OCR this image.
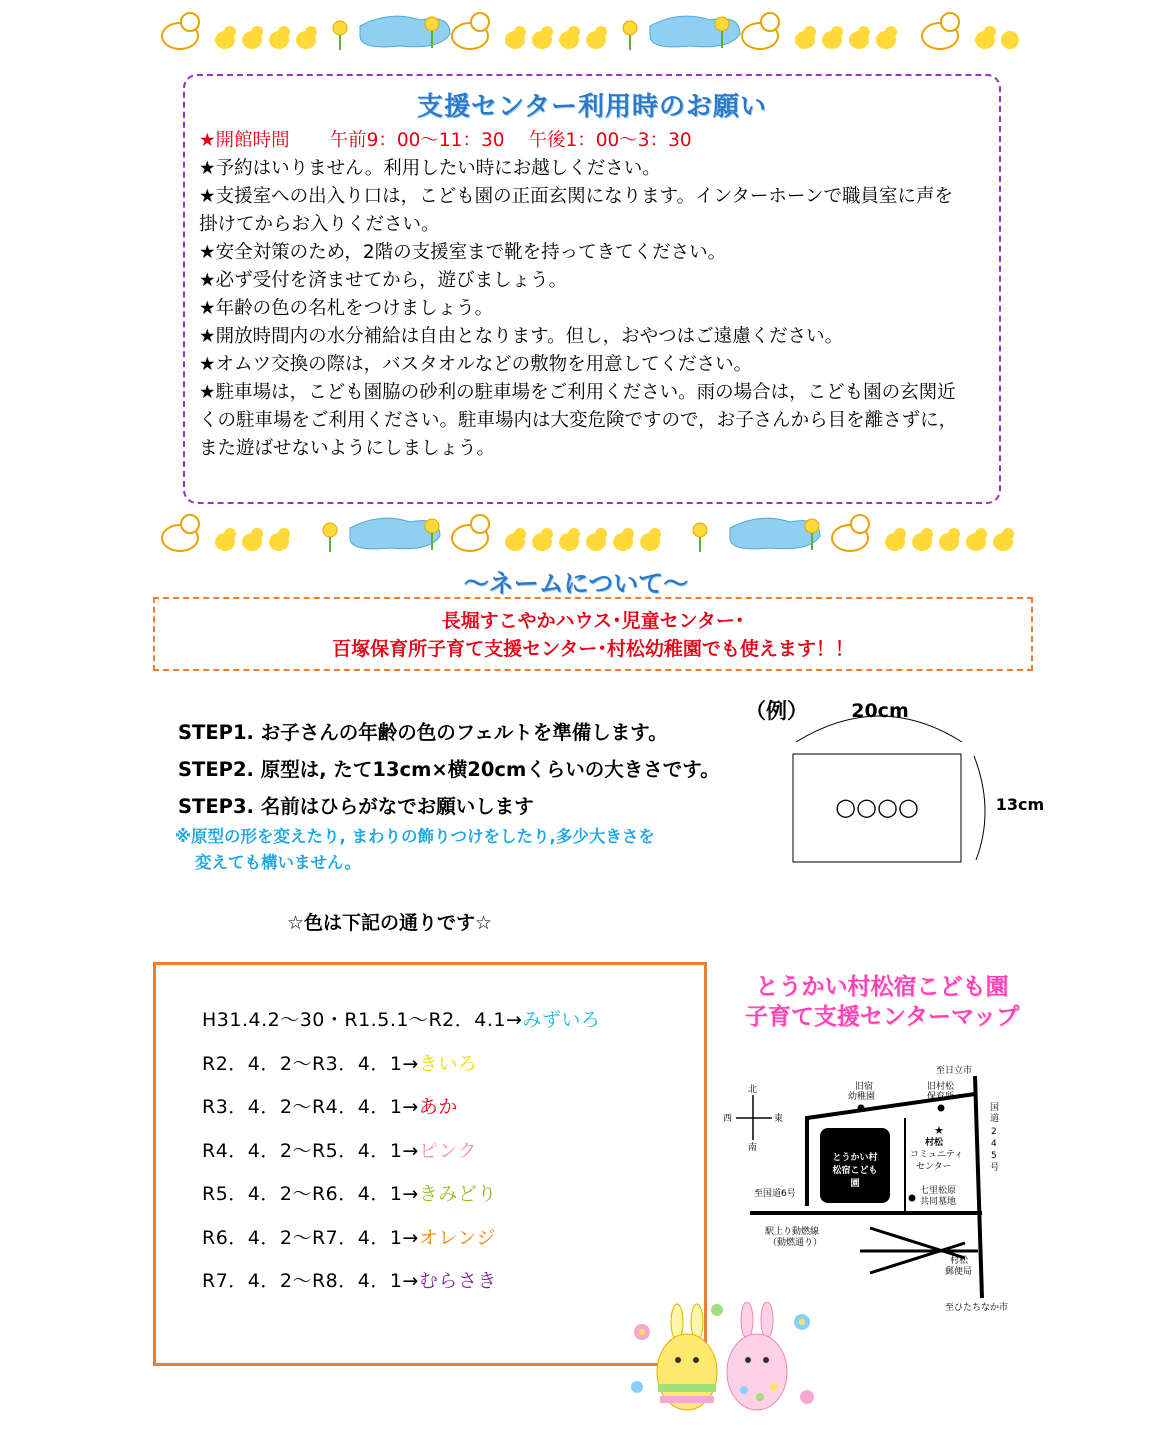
支援センター利用時のお願い
★開館時間 午前9：00～11：30 午後1：00～3：30
★予約はいりません。利用したい時にお越しください。
★支援室への出入り口は，こども園の正面玄関になります。インターホーンで職員室に声を
掛けてからお入りください。
★安全対策のため，2階の支援室まで靴を持ってきてください。
★必ず受付を済ませてから，遊びましょう。
★年齢の色の名札をつけましょう。
★開放時間内の水分補給は自由となります。但し，おやつはご遠慮ください。
★オムツ交換の際は，バスタオルなどの敷物を用意してください。
★駐車場は，こども園脇の砂利の駐車場をご利用ください。雨の場合は，こども園の玄関近
くの駐車場をご利用ください。駐車場内は大変危険ですので，お子さんから目を離さずに，
また遊ばせないようにしましょう。
～ネームについて～
長堀すこやかハウス･児童センター･
百塚保育所子育て支援センター･村松幼稚園でも使えます！！
STEP1. お子さんの年齢の色のフェルトを準備します。
STEP2. 原型は, たて13cm×横20cmくらいの大きさです。
STEP3. 名前はひらがなでお願いします
※原型の形を変えたり, まわりの飾りつけをしたり,多少大きさを
変えても構いません。
（例） 20cm
13cm
○○○○
☆色は下記の通りです☆
H31.4.2～30・R1.5.1～R2．4.1→みずいろ
R2．4．2～R3．4．1→きいろ
R3．4．2～R4．4．1→あか
R4．4．2～R5．4．1→ピンク
R5．4．2～R6．4．1→きみどり
R6．4．2～R7．4．1→オレンジ
R7．4．2～R8．4．1→むらさき
とうかい村松宿こども園
子育て支援センターマップ
北
南
東
西
とうかい村
松宿こども
園
至日立市
旧宿
幼稚園
旧村松
保育所
国
道
2
4
5
号
★
村松
コミュニティ
センター
至国道6号	七里松原
共同墓地
駅上り動燃線
（動燃通り）
村松
郵便局
至ひたちなか市
